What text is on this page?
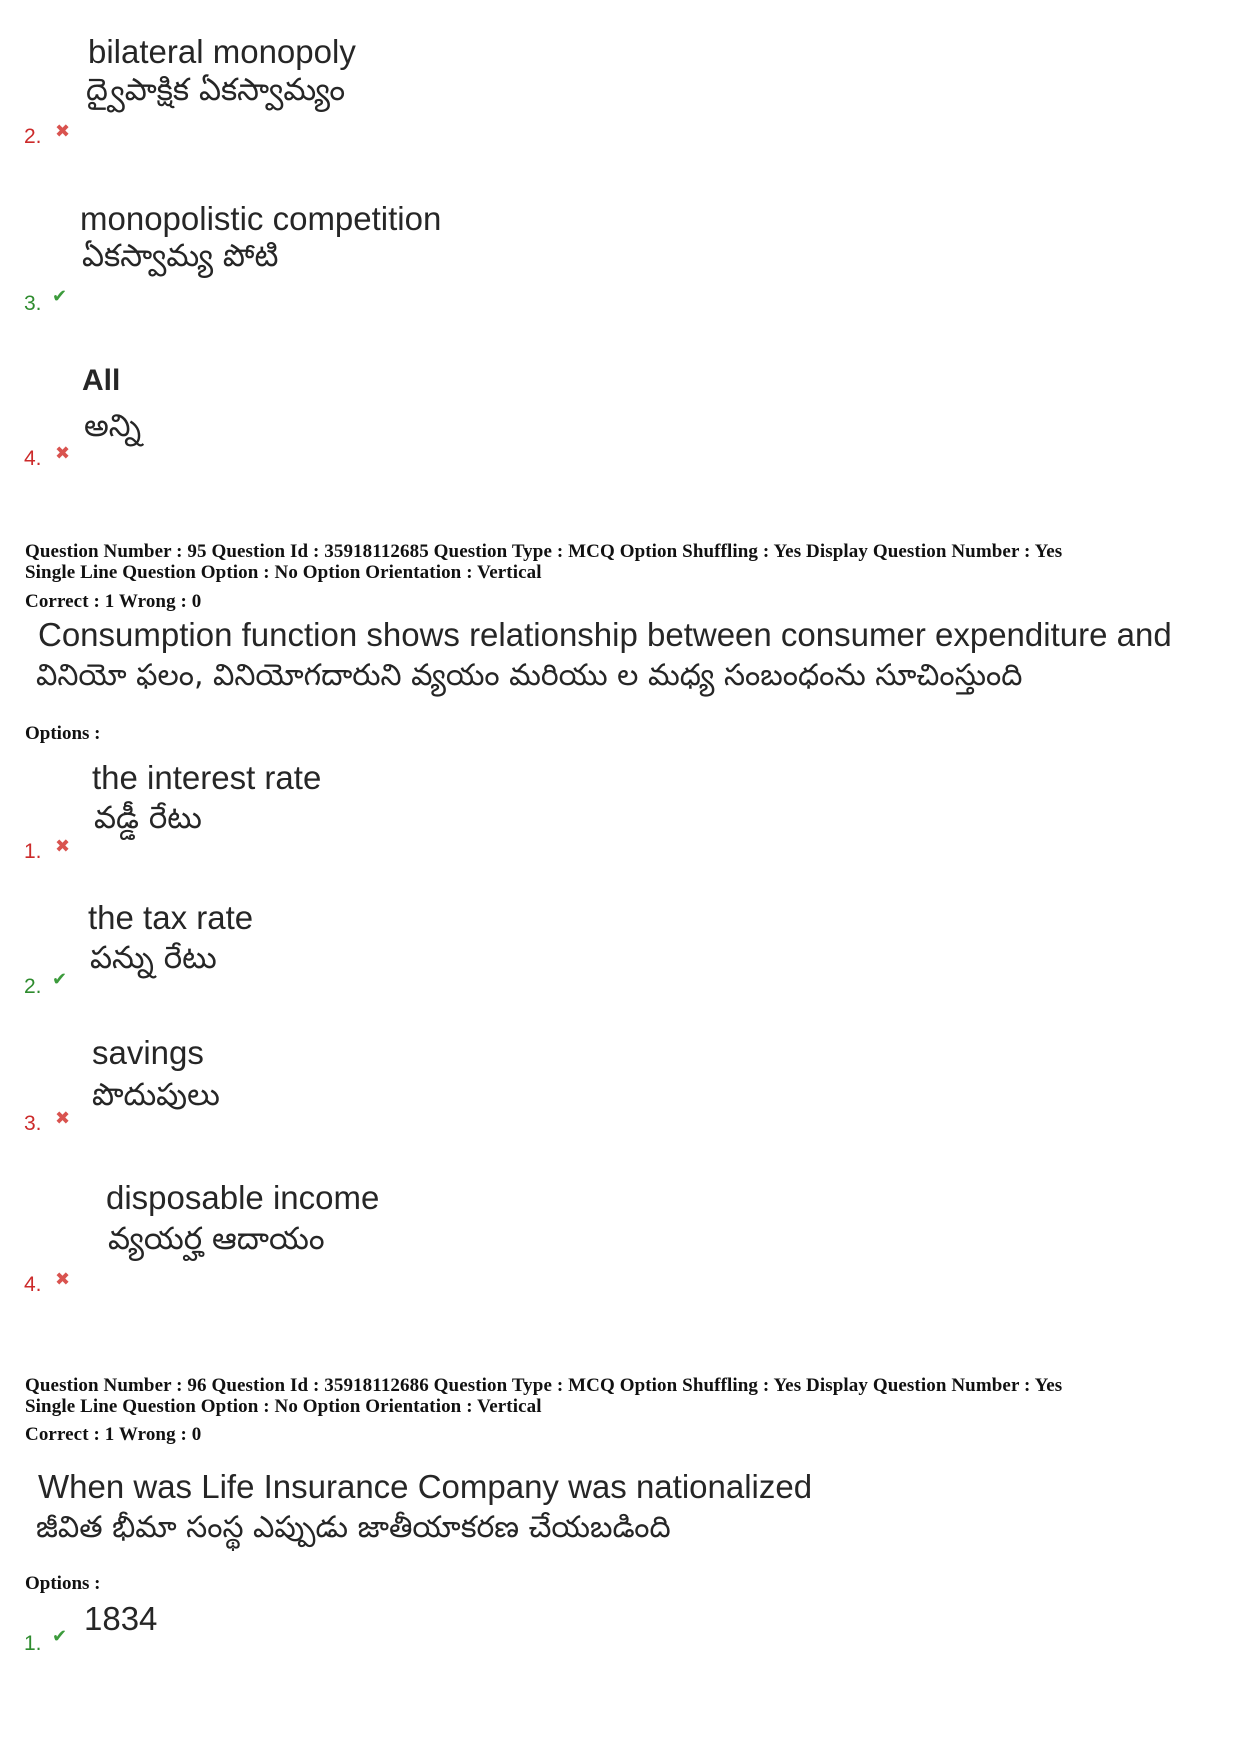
bilateral monopoly
ద్వైపాక్షిక ఏకస్వామ్యం
2. ✖
monopolistic competition
ఏకస్వామ్య పోటి
3. ✔
All
అన్ని
4. ✖
Question Number : 95 Question Id : 35918112685 Question Type : MCQ Option Shuffling : Yes Display Question Number : Yes
Single Line Question Option : No Option Orientation : Vertical
Correct : 1 Wrong : 0
Consumption function shows relationship between consumer expenditure and
వినియో ఫలం, వినియోగదారుని వ్యయం మరియు ల మధ్య సంబంధంను సూచింస్తుంది
Options :
the interest rate
వడ్డీ రేటు
1. ✖
the tax rate
పన్ను రేటు
2. ✔
savings
పొదుపులు
3. ✖
disposable income
వ్యయర్హ ఆదాయం
4. ✖
Question Number : 96 Question Id : 35918112686 Question Type : MCQ Option Shuffling : Yes Display Question Number : Yes
Single Line Question Option : No Option Orientation : Vertical
Correct : 1 Wrong : 0
When was Life Insurance Company was nationalized
జీవిత భీమా సంస్థ ఎప్పుడు జాతీయాకరణ చేయబడింది
Options :
1834
1. ✔
